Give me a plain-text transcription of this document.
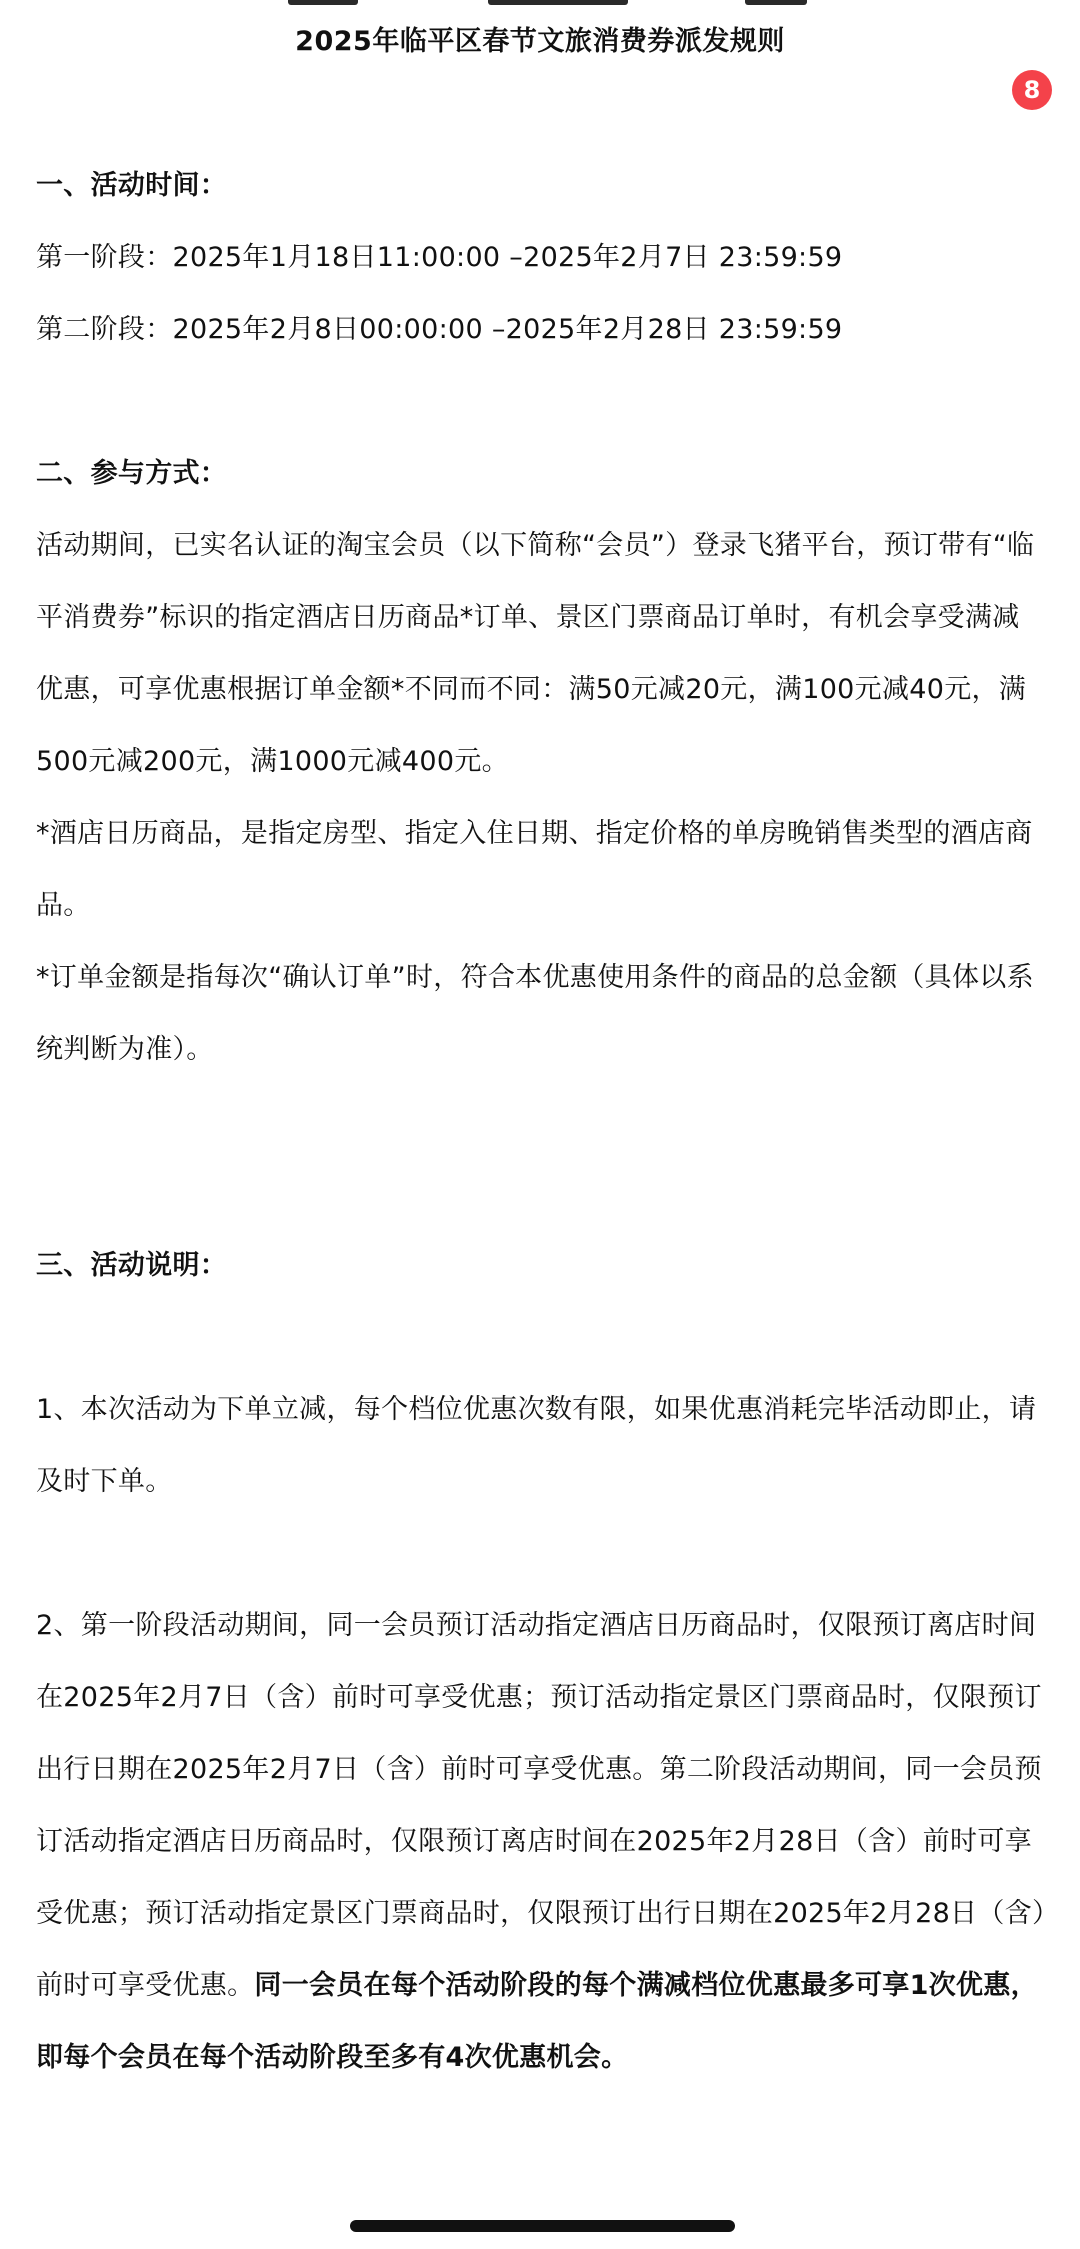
2025年临平区春节文旅消费券派发规则
8

一、活动时间：

第一阶段：2025年1月18日11:00:00 –2025年2月7日 23:59:59

第二阶段：2025年2月8日00:00:00 –2025年2月28日 23:59:59

二、参与方式：

活动期间，已实名认证的淘宝会员（以下简称“会员”）登录飞猪平台，预订带有“临平消费券”标识的指定酒店日历商品*订单、景区门票商品订单时，有机会享受满减优惠，可享优惠根据订单金额*不同而不同：满50元减20元，满100元减40元，满500元减200元，满1000元减400元。

*酒店日历商品，是指定房型、指定入住日期、指定价格的单房晚销售类型的酒店商品。

*订单金额是指每次“确认订单”时，符合本优惠使用条件的商品的总金额（具体以系统判断为准）。

三、活动说明：

1、本次活动为下单立减，每个档位优惠次数有限，如果优惠消耗完毕活动即止，请及时下单。

2、第一阶段活动期间，同一会员预订活动指定酒店日历商品时，仅限预订离店时间在2025年2月7日（含）前时可享受优惠；预订活动指定景区门票商品时，仅限预订出行日期在2025年2月7日（含）前时可享受优惠。第二阶段活动期间，同一会员预订活动指定酒店日历商品时，仅限预订离店时间在2025年2月28日（含）前时可享受优惠；预订活动指定景区门票商品时，仅限预订出行日期在2025年2月28日（含）前时可享受优惠。同一会员在每个活动阶段的每个满减档位优惠最多可享1次优惠，即每个会员在每个活动阶段至多有4次优惠机会。
